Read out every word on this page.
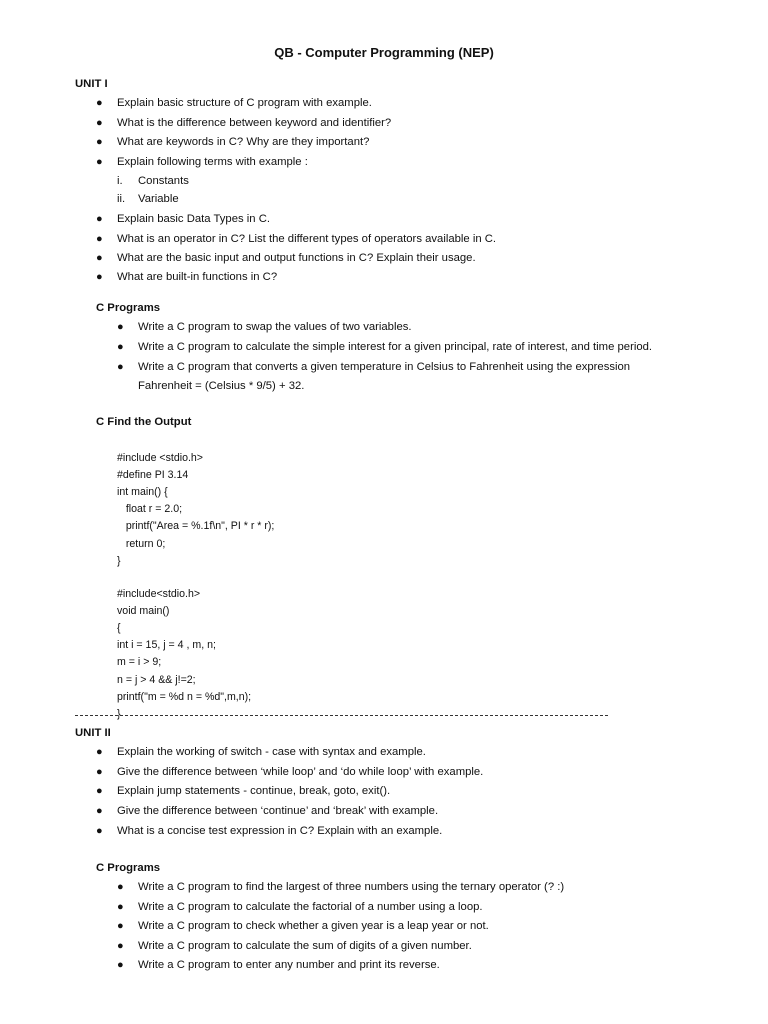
QB - Computer Programming (NEP)
UNIT I
● Explain basic structure of C program with example.
● What is the difference between keyword and identifier?
● What are keywords in C? Why are they important?
● Explain following terms with example :
i. Constants
ii. Variable
● Explain basic Data Types in C.
● What is an operator in C? List the different types of operators available in C.
● What are the basic input and output functions in C? Explain their usage.
● What are built-in functions in C?
C Programs
● Write a C program to swap the values of two variables.
● Write a C program to calculate the simple interest for a given principal, rate of interest, and time period.
● Write a C program that converts a given temperature in Celsius to Fahrenheit using the expression
Fahrenheit = (Celsius * 9/5) + 32.
C Find the Output

#include <stdio.h>
#define PI 3.14
int main() {
float r = 2.0;
printf("Area = %.1f\n", PI * r * r);
return 0;
}

#include<stdio.h>
void main()
{
int i = 15, j = 4 , m, n;
m = i > 9;
n = j > 4 && j!=2;
printf("m = %d n = %d",m,n);
}

UNIT II
● Explain the working of switch - case with syntax and example.
● Give the difference between ‘while loop’ and ‘do while loop’ with example.
● Explain jump statements - continue, break, goto, exit().
● Give the difference between ‘continue’ and ‘break’ with example.
● What is a concise test expression in C? Explain with an example.
C Programs
● Write a C program to find the largest of three numbers using the ternary operator (? :)
● Write a C program to calculate the factorial of a number using a loop.
● Write a C program to check whether a given year is a leap year or not.
● Write a C program to calculate the sum of digits of a given number.
● Write a C program to enter any number and print its reverse.
